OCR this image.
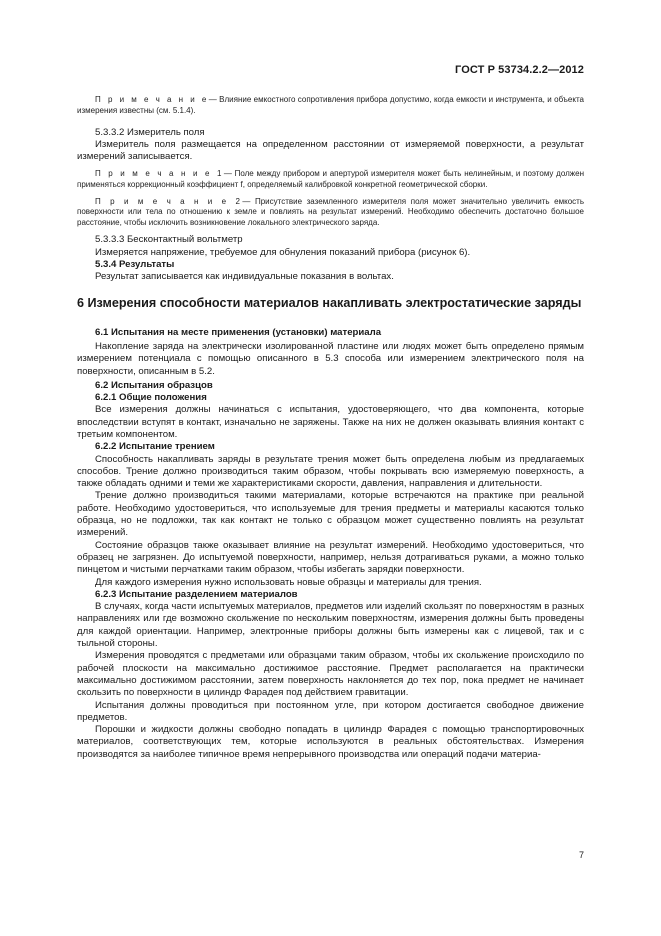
ГОСТ Р 53734.2.2—2012

П р и м е ч а н и е— Влияние емкостного сопротивления прибора допустимо, когда емкости и инструмента, и объекта измерения известны (см. 5.1.4).

5.3.3.2 Измеритель поля

Измеритель поля размещается на определенном расстоянии от измеряемой поверхности, а результат измерений записывается.

П р и м е ч а н и е 1— Поле между прибором и апертурой измерителя может быть нелинейным, и поэтому должен применяться коррекционный коэффициент f, определяемый калибровкой конкретной геометрической сборки.

П р и м е ч а н и е 2— Присутствие заземленного измерителя поля может значительно увеличить емкость поверхности или тела по отношению к земле и повлиять на результат измерений. Необходимо обеспечить достаточно большое расстояние, чтобы исключить возникновение локального электрического заряда.

5.3.3.3 Бесконтактный вольтметр

Измеряется напряжение, требуемое для обнуления показаний прибора (рисунок 6).

5.3.4 Результаты

Результат записывается как индивидуальные показания в вольтах.

6 Измерения способности материалов накапливать электростатические заряды

6.1 Испытания на месте применения (установки) материала

Накопление заряда на электрически изолированной пластине или людях может быть определено прямым измерением потенциала с помощью описанного в 5.3 способа или измерением электрического поля на поверхности, описанным в 5.2.

6.2 Испытания образцов

6.2.1 Общие положения

Все измерения должны начинаться с испытания, удостоверяющего, что два компонента, которые впоследствии вступят в контакт, изначально не заряжены. Также на них не должен оказывать влияния контакт с третьим компонентом.

6.2.2 Испытание трением

Способность накапливать заряды в результате трения может быть определена любым из предлагаемых способов. Трение должно производиться таким образом, чтобы покрывать всю измеряемую поверхность, а также обладать одними и теми же характеристиками скорости, давления, направления и длительности.

Трение должно производиться такими материалами, которые встречаются на практике при реальной работе. Необходимо удостовериться, что используемые для трения предметы и материалы касаются только образца, но не подложки, так как контакт не только с образцом может существенно повлиять на результат измерений.

Состояние образцов также оказывает влияние на результат измерений. Необходимо удостовериться, что образец не загрязнен. До испытуемой поверхности, например, нельзя дотрагиваться руками, а можно только пинцетом и чистыми перчатками таким образом, чтобы избегать зарядки поверхности.

Для каждого измерения нужно использовать новые образцы и материалы для трения.

6.2.3 Испытание разделением материалов

В случаях, когда части испытуемых материалов, предметов или изделий скользят по поверхностям в разных направлениях или где возможно скольжение по нескольким поверхностям, измерения должны быть проведены для каждой ориентации. Например, электронные приборы должны быть измерены как с лицевой, так и с тыльной стороны.

Измерения проводятся с предметами или образцами таким образом, чтобы их скольжение происходило по рабочей плоскости на максимально достижимое расстояние. Предмет располагается на практически максимально достижимом расстоянии, затем поверхность наклоняется до тех пор, пока предмет не начинает скользить по поверхности в цилиндр Фарадея под действием гравитации.

Испытания должны проводиться при постоянном угле, при котором достигается свободное движение предметов.

Порошки и жидкости должны свободно попадать в цилиндр Фарадея с помощью транспортировочных материалов, соответствующих тем, которые используются в реальных обстоятельствах. Измерения производятся за наиболее типичное время непрерывного производства или операций подачи материа-

7
